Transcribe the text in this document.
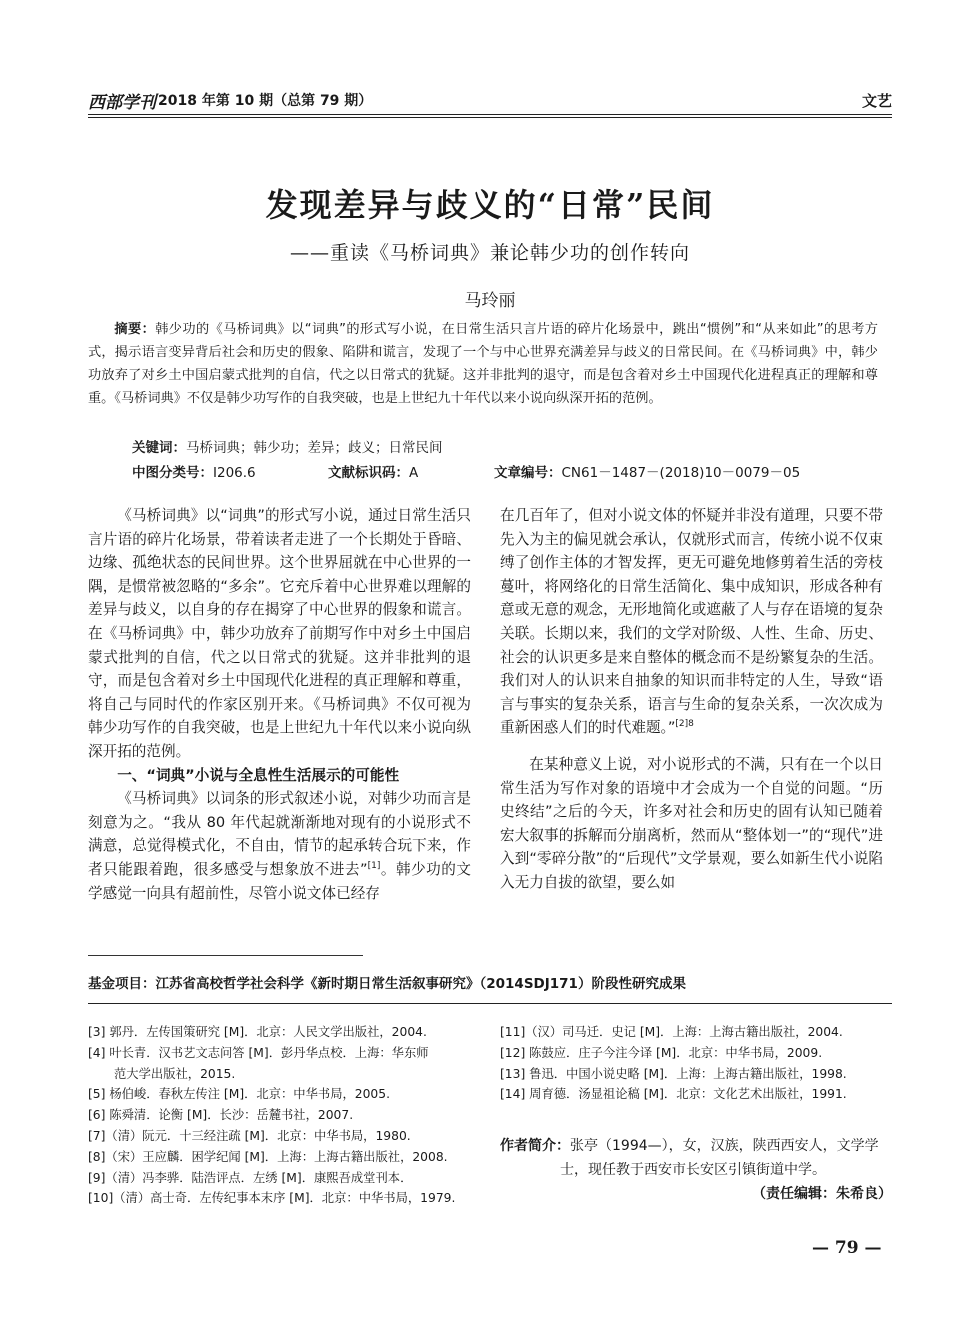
西部学刊 2018 年第 10 期（总第 79 期）	文艺
发现差异与歧义的“日常”民间
——重读《马桥词典》兼论韩少功的创作转向
马玲丽
摘要：韩少功的《马桥词典》以“词典”的形式写小说，在日常生活只言片语的碎片化场景中，跳出“惯例”和“从来如此”的思考方式，揭示语言变异背后社会和历史的假象、陷阱和谎言，发现了一个与中心世界充满差异与歧义的日常民间。在《马桥词典》中，韩少功放弃了对乡土中国启蒙式批判的自信，代之以日常式的犹疑。这并非批判的退守，而是包含着对乡土中国现代化进程真正的理解和尊重。《马桥词典》不仅是韩少功写作的自我突破，也是上世纪九十年代以来小说向纵深开拓的范例。
关键词：马桥词典；韩少功；差异；歧义；日常民间
中图分类号：I206.6	文献标识码：A	文章编号：CN61－1487－(2018)10－0079－05

《马桥词典》以“词典”的形式写小说，通过日常生活只言片语的碎片化场景，带着读者走进了一个长期处于昏暗、边缘、孤绝状态的民间世界。这个世界屈就在中心世界的一隅，是惯常被忽略的“多余”。它充斥着中心世界难以理解的差异与歧义，以自身的存在揭穿了中心世界的假象和谎言。在《马桥词典》中，韩少功放弃了前期写作中对乡土中国启蒙式批判的自信，代之以日常式的犹疑。这并非批判的退守，而是包含着对乡土中国现代化进程的真正理解和尊重，将自己与同时代的作家区别开来。《马桥词典》不仅可视为韩少功写作的自我突破，也是上世纪九十年代以来小说向纵深开拓的范例。

一、“词典”小说与全息性生活展示的可能性

《马桥词典》以词条的形式叙述小说，对韩少功而言是刻意为之。“我从 80 年代起就渐渐地对现有的小说形式不满意，总觉得模式化，不自由，情节的起承转合玩下来，作者只能跟着跑，很多感受与想象放不进去”[1]。韩少功的文学感觉一向具有超前性，尽管小说文体已经存

在几百年了，但对小说文体的怀疑并非没有道理，只要不带先入为主的偏见就会承认，仅就形式而言，传统小说不仅束缚了创作主体的才智发挥，更无可避免地修剪着生活的旁枝蔓叶，将网络化的日常生活简化、集中成知识，形成各种有意或无意的观念，无形地简化或遮蔽了人与存在语境的复杂关联。长期以来，我们的文学对阶级、人性、生命、历史、社会的认识更多是来自整体的概念而不是纷繁复杂的生活。我们对人的认识来自抽象的知识而非特定的人生，导致“语言与事实的复杂关系，语言与生命的复杂关系，一次次成为重新困惑人们的时代难题。”$^{[2]8}$

在某种意义上说，对小说形式的不满，只有在一个以日常生活为写作对象的语境中才会成为一个自觉的问题。“历史终结”之后的今天，许多对社会和历史的固有认知已随着宏大叙事的拆解而分崩离析，然而从“整体划一”的“现代”进入到“零碎分散”的“后现代”文学景观，要么如新生代小说陷入无力自拔的欲望，要么如

基金项目：江苏省高校哲学社会科学《新时期日常生活叙事研究》（2014SDJ171）阶段性研究成果
[3] 郭丹．左传国策研究 [M]．北京：人民文学出版社，2004.
[4] 叶长青．汉书艺文志问答 [M]．彭丹华点校．上海：华东师
范大学出版社，2015.
[5] 杨伯峻．春秋左传注 [M]．北京：中华书局，2005.
[6] 陈舜清．论衡 [M]．长沙：岳麓书社，2007.
[7]（清）阮元．十三经注疏 [M]．北京：中华书局，1980.
[8]（宋）王应麟．困学纪闻 [M]．上海：上海古籍出版社，2008.
[9]（清）冯李骅．陆浩评点．左绣 [M]．康熙吾成堂刊本．
[10]（清）高士奇．左传纪事本末序 [M]．北京：中华书局，1979.
[11]（汉）司马迁．史记 [M]．上海：上海古籍出版社，2004.
[12] 陈鼓应．庄子今注今译 [M]．北京：中华书局，2009.
[13] 鲁迅．中国小说史略 [M]．上海：上海古籍出版社，1998.
[14] 周育德．汤显祖论稿 [M]．北京：文化艺术出版社，1991.
作者简介：张亭（1994—），女，汉族，陕西西安人，文学学
士，现任教于西安市长安区引镇街道中学。
（责任编辑：朱希良）
— 79 —
